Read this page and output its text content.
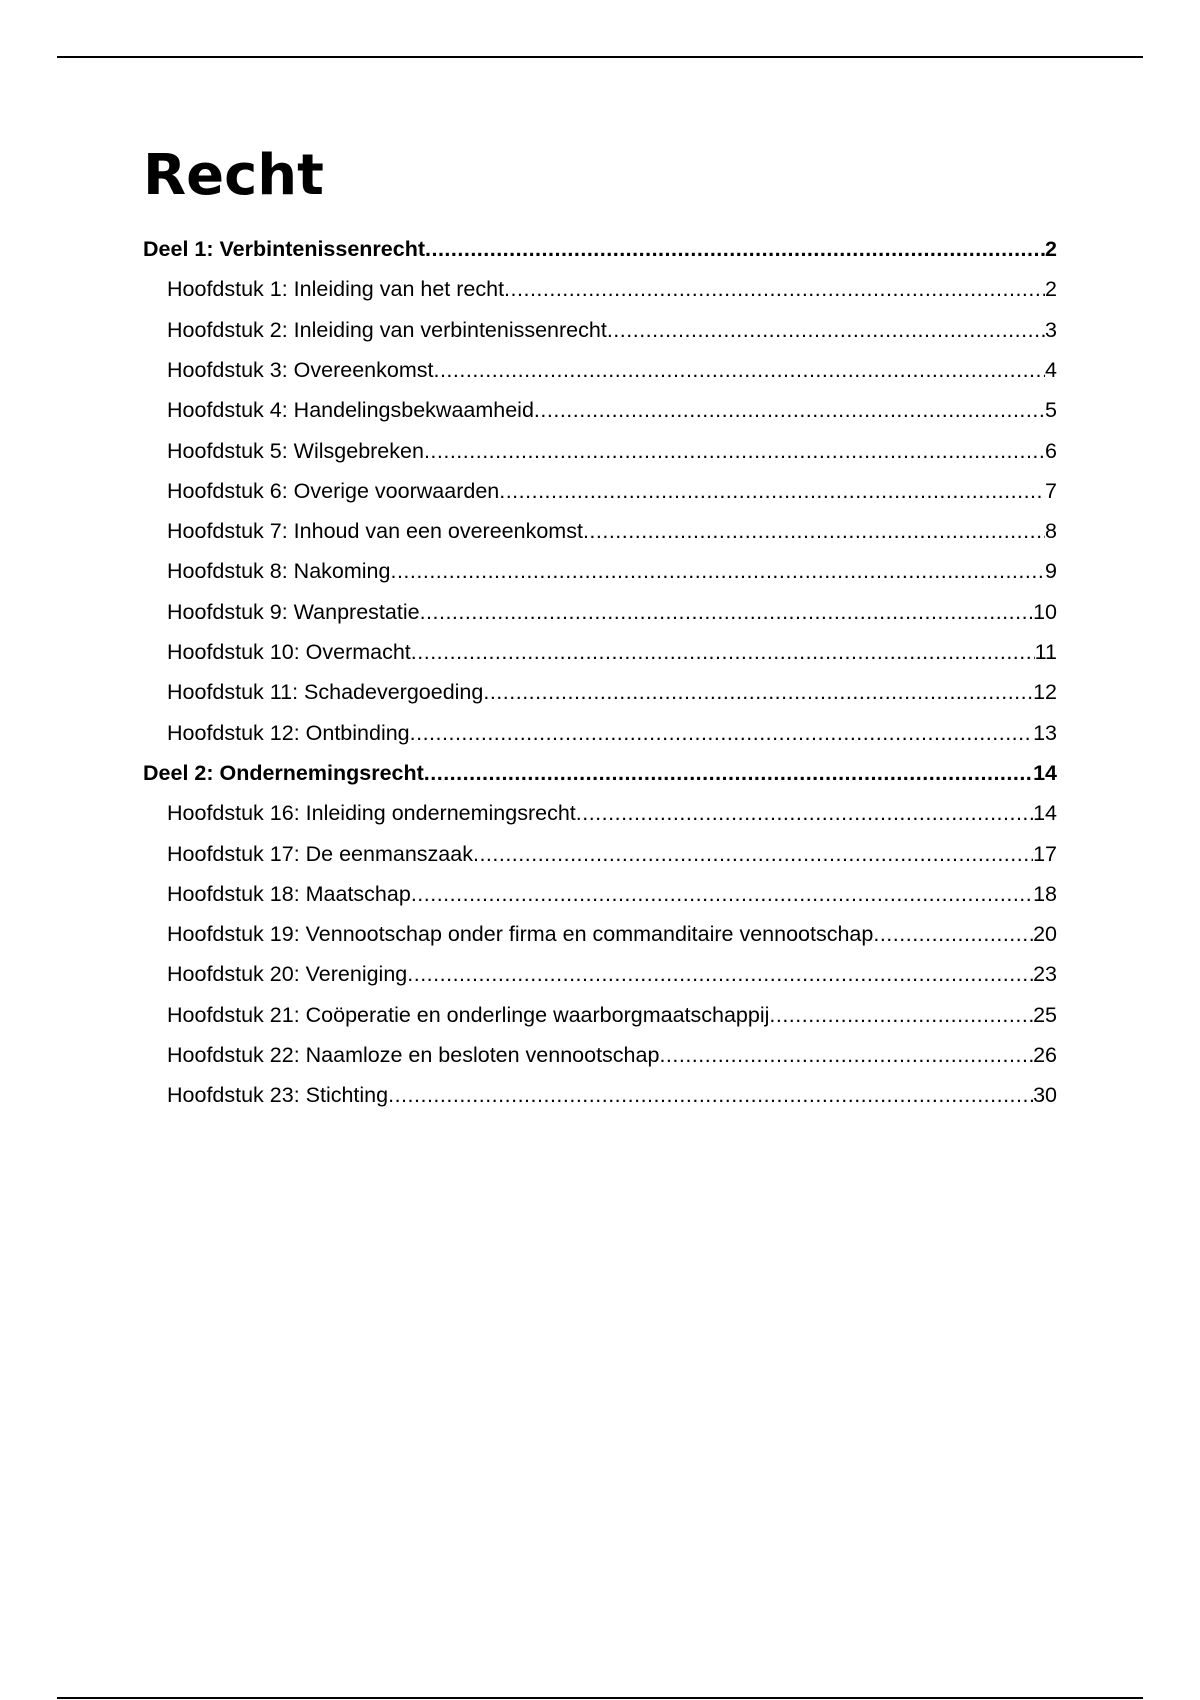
Recht
Deel 1: Verbintenissenrecht .....	2
Hoofdstuk 1: Inleiding van het recht .....	2
Hoofdstuk 2: Inleiding van verbintenissenrecht .....	3
Hoofdstuk 3: Overeenkomst .....	4
Hoofdstuk 4: Handelingsbekwaamheid .....	5
Hoofdstuk 5: Wilsgebreken .....	6
Hoofdstuk 6: Overige voorwaarden .....	7
Hoofdstuk 7: Inhoud van een overeenkomst .....	8
Hoofdstuk 8: Nakoming .....	9
Hoofdstuk 9: Wanprestatie .....	10
Hoofdstuk 10: Overmacht .....	11
Hoofdstuk 11: Schadevergoeding .....	12
Hoofdstuk 12: Ontbinding .....	13
Deel 2: Ondernemingsrecht .....	14
Hoofdstuk 16: Inleiding ondernemingsrecht .....	14
Hoofdstuk 17: De eenmanszaak .....	17
Hoofdstuk 18: Maatschap .....	18
Hoofdstuk 19: Vennootschap onder firma en commanditaire vennootschap .....	20
Hoofdstuk 20: Vereniging .....	23
Hoofdstuk 21: Coöperatie en onderlinge waarborgmaatschappij .....	25
Hoofdstuk 22: Naamloze en besloten vennootschap .....	26
Hoofdstuk 23: Stichting .....	30
